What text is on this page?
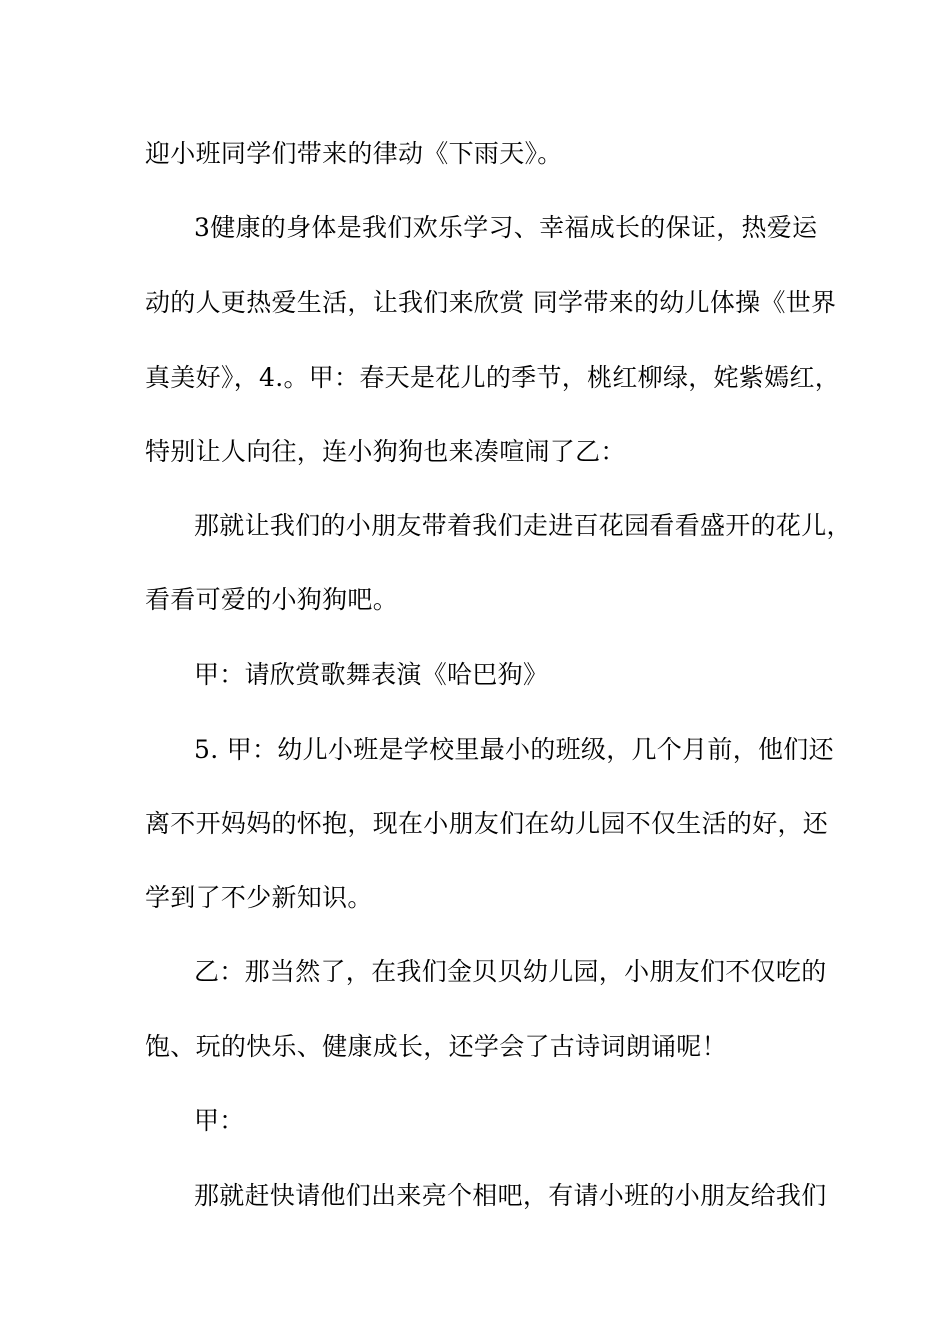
迎小班同学们带来的律动《下雨天》。
3健康的身体是我们欢乐学习、幸福成长的保证，热爱运
动的人更热爱生活，让我们来欣赏 同学带来的幼儿体操《世界
真美好》，4.。甲：春天是花儿的季节，桃红柳绿，姹紫嫣红，
特别让人向往，连小狗狗也来凑喧闹了乙：
那就让我们的小朋友带着我们走进百花园看看盛开的花儿，
看看可爱的小狗狗吧。
甲：请欣赏歌舞表演《哈巴狗》
5. 甲：幼儿小班是学校里最小的班级，几个月前，他们还
离不开妈妈的怀抱，现在小朋友们在幼儿园不仅生活的好，还
学到了不少新知识。
乙：那当然了，在我们金贝贝幼儿园，小朋友们不仅吃的
饱、玩的快乐、健康成长，还学会了古诗词朗诵呢！
甲：
那就赶快请他们出来亮个相吧，有请小班的小朋友给我们
